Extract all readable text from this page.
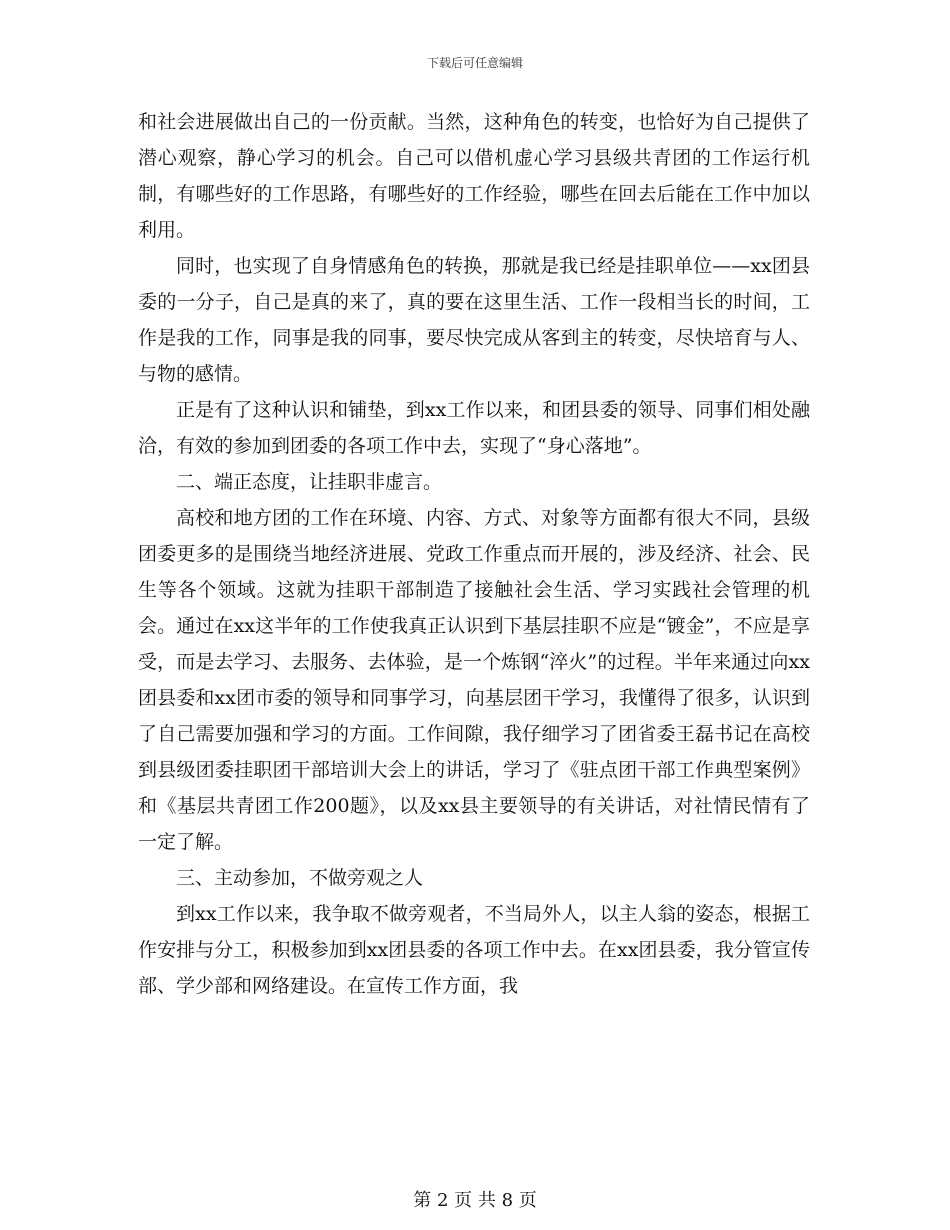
下载后可任意编辑

和社会进展做出自己的一份贡献。当然，这种角色的转变，也恰好为自己提供了潜心观察，静心学习的机会。自己可以借机虚心学习县级共青团的工作运行机制，有哪些好的工作思路，有哪些好的工作经验，哪些在回去后能在工作中加以利用。

同时，也实现了自身情感角色的转换，那就是我已经是挂职单位——xx团县委的一分子，自己是真的来了，真的要在这里生活、工作一段相当长的时间，工作是我的工作，同事是我的同事，要尽快完成从客到主的转变，尽快培育与人、与物的感情。

正是有了这种认识和铺垫，到xx工作以来，和团县委的领导、同事们相处融洽，有效的参加到团委的各项工作中去，实现了“身心落地”。

二、端正态度，让挂职非虚言。

高校和地方团的工作在环境、内容、方式、对象等方面都有很大不同，县级团委更多的是围绕当地经济进展、党政工作重点而开展的，涉及经济、社会、民生等各个领域。这就为挂职干部制造了接触社会生活、学习实践社会管理的机会。通过在xx这半年的工作使我真正认识到下基层挂职不应是“镀金”，不应是享受，而是去学习、去服务、去体验，是一个炼钢“淬火”的过程。半年来通过向xx团县委和xx团市委的领导和同事学习，向基层团干学习，我懂得了很多，认识到了自己需要加强和学习的方面。工作间隙，我仔细学习了团省委王磊书记在高校到县级团委挂职团干部培训大会上的讲话，学习了《驻点团干部工作典型案例》和《基层共青团工作200题》，以及xx县主要领导的有关讲话，对社情民情有了一定了解。

三、主动参加，不做旁观之人

到xx工作以来，我争取不做旁观者，不当局外人，以主人翁的姿态，根据工作安排与分工，积极参加到xx团县委的各项工作中去。在xx团县委，我分管宣传部、学少部和网络建设。在宣传工作方面，我

第 2 页 共 8 页
